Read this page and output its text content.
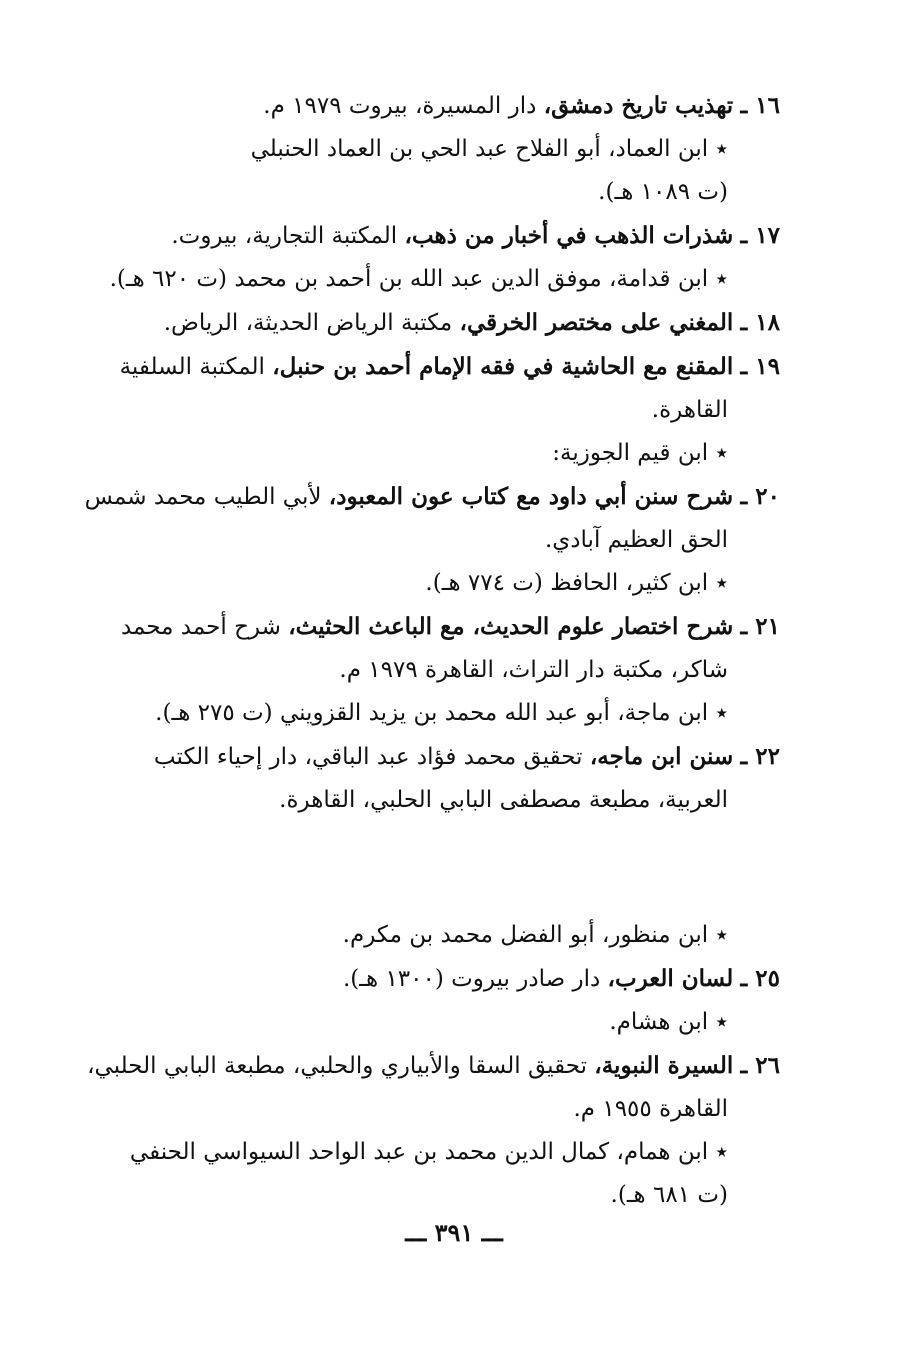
١٦ ـ تهذيب تاريخ دمشق، دار المسيرة، بيروت ١٩٧٩ م.
٭ ابن العماد، أبو الفلاح عبد الحي بن العماد الحنبلي
(ت ١٠٨٩ هـ).
١٧ ـ شذرات الذهب في أخبار من ذهب، المكتبة التجارية، بيروت.
٭ ابن قدامة، موفق الدين عبد الله بن أحمد بن محمد (ت ٦٢٠ هـ).
١٨ ـ المغني على مختصر الخرقي، مكتبة الرياض الحديثة، الرياض.
١٩ ـ المقنع مع الحاشية في فقه الإمام أحمد بن حنبل، المكتبة السلفية
القاهرة.
٭ ابن قيم الجوزية:
٢٠ ـ شرح سنن أبي داود مع كتاب عون المعبود، لأبي الطيب محمد شمس
الحق العظيم آبادي.
٭ ابن كثير، الحافظ (ت ٧٧٤ هـ).
٢١ ـ شرح اختصار علوم الحديث، مع الباعث الحثيث، شرح أحمد محمد
شاكر، مكتبة دار التراث، القاهرة ١٩٧٩ م.
٭ ابن ماجة، أبو عبد الله محمد بن يزيد القزويني (ت ٢٧٥ هـ).
٢٢ ـ سنن ابن ماجه، تحقيق محمد فؤاد عبد الباقي، دار إحياء الكتب
العربية، مطبعة مصطفى البابي الحلبي، القاهرة.
٭ ابن منظور، أبو الفضل محمد بن مكرم.
٢٥ ـ لسان العرب، دار صادر بيروت (١٣٠٠ هـ).
٭ ابن هشام.
٢٦ ـ السيرة النبوية، تحقيق السقا والأبياري والحلبي، مطبعة البابي الحلبي،
القاهرة ١٩٥٥ م.
٭ ابن همام، كمال الدين محمد بن عبد الواحد السيواسي الحنفي
(ت ٦٨١ هـ).
ـــ ٣٩١ ـــ
